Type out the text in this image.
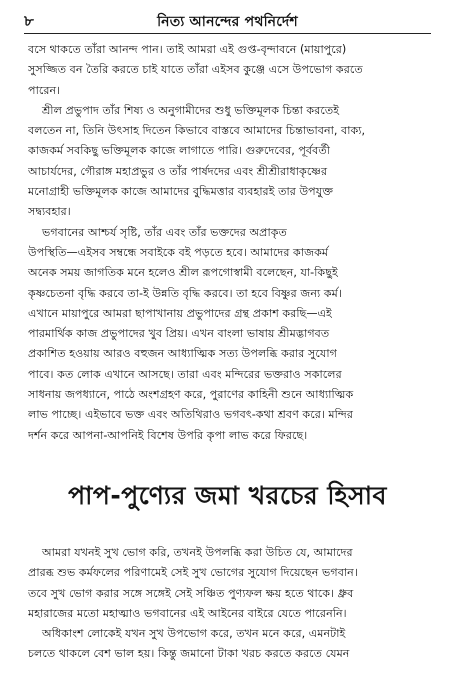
৮	নিত্য আনন্দের পথনির্দেশ
বসে থাকতে তাঁরা আনন্দ পান। তাই আমরা এই গুপ্ত-বৃন্দাবনে (মায়াপুরে)
সুসজ্জিত বন তৈরি করতে চাই যাতে তাঁরা এইসব কুঞ্জে এসে উপভোগ করতে
পারেন।
শ্রীল প্রভুপাদ তাঁর শিষ্য ও অনুগামীদের শুধু ভক্তিমূলক চিন্তা করতেই
বলতেন না, তিনি উৎসাহ দিতেন কিভাবে বাস্তবে আমাদের চিন্তাভাবনা, বাক্য,
কাজকর্ম সবকিছু ভক্তিমূলক কাজে লাগাতে পারি। গুরুদেবের, পূর্ববর্তী
আচার্যদের, গৌরাঙ্গ মহাপ্রভুর ও তাঁর পার্ষদদের এবং শ্রীশ্রীরাধাকৃষ্ণের
মনোগ্রাহী ভক্তিমূলক কাজে আমাদের বুদ্ধিমত্তার ব্যবহারই তার উপযুক্ত
সদ্ব্যবহার।
ভগবানের আশ্চর্য সৃষ্টি, তাঁর এবং তাঁর ভক্তদের অপ্রাকৃত
উপস্থিতি—এইসব সম্বন্ধে সবাইকে বই পড়তে হবে। আমাদের কাজকর্ম
অনেক সময় জাগতিক মনে হলেও শ্রীল রূপগোস্বামী বলেছেন, যা-কিছুই
কৃষ্ণচেতনা বৃদ্ধি করবে তা-ই উন্নতি বৃদ্ধি করবে। তা হবে বিষ্ণুর জন্য কর্ম।
এখানে মায়াপুরে আমরা ছাপাখানায় প্রভুপাদের গ্রন্থ প্রকাশ করছি—এই
পারমার্থিক কাজ প্রভুপাদের খুব প্রিয়। এখন বাংলা ভাষায় শ্রীমদ্ভাগবত
প্রকাশিত হওয়ায় আরও বহুজন আধ্যাত্মিক সত্য উপলব্ধি করার সুযোগ
পাবে। কত লোক এখানে আসছে। তারা এবং মন্দিরের ভক্তরাও সকালের
সাধনায় জপধ্যানে, পাঠে অংশগ্রহণ করে, পুরাণের কাহিনী শুনে আধ্যাত্মিক
লাভ পাচ্ছে। এইভাবে ভক্ত এবং অতিথিরাও ভগবৎ-কথা শ্রবণ করে। মন্দির
দর্শন করে আপনা-আপনিই বিশেষ উপরি কৃপা লাভ করে ফিরছে।
পাপ-পুণ্যের জমা খরচের হিসাব
আমরা যখনই সুখ ভোগ করি, তখনই উপলব্ধি করা উচিত যে, আমাদের
প্রারব্ধ শুভ কর্মফলের পরিণামেই সেই সুখ ভোগের সুযোগ দিয়েছেন ভগবান।
তবে সুখ ভোগ করার সঙ্গে সঙ্গেই সেই সঞ্চিত পুণ্যফল ক্ষয় হতে থাকে। ধ্রুব
মহারাজের মতো মহাত্মাও ভগবানের এই আইনের বাইরে যেতে পারেননি।
অধিকাংশ লোকেই যখন সুখ উপভোগ করে, তখন মনে করে, এমনটাই
চলতে থাকলে বেশ ভাল হয়। কিন্তু জমানো টাকা খরচ করতে করতে যেমন
